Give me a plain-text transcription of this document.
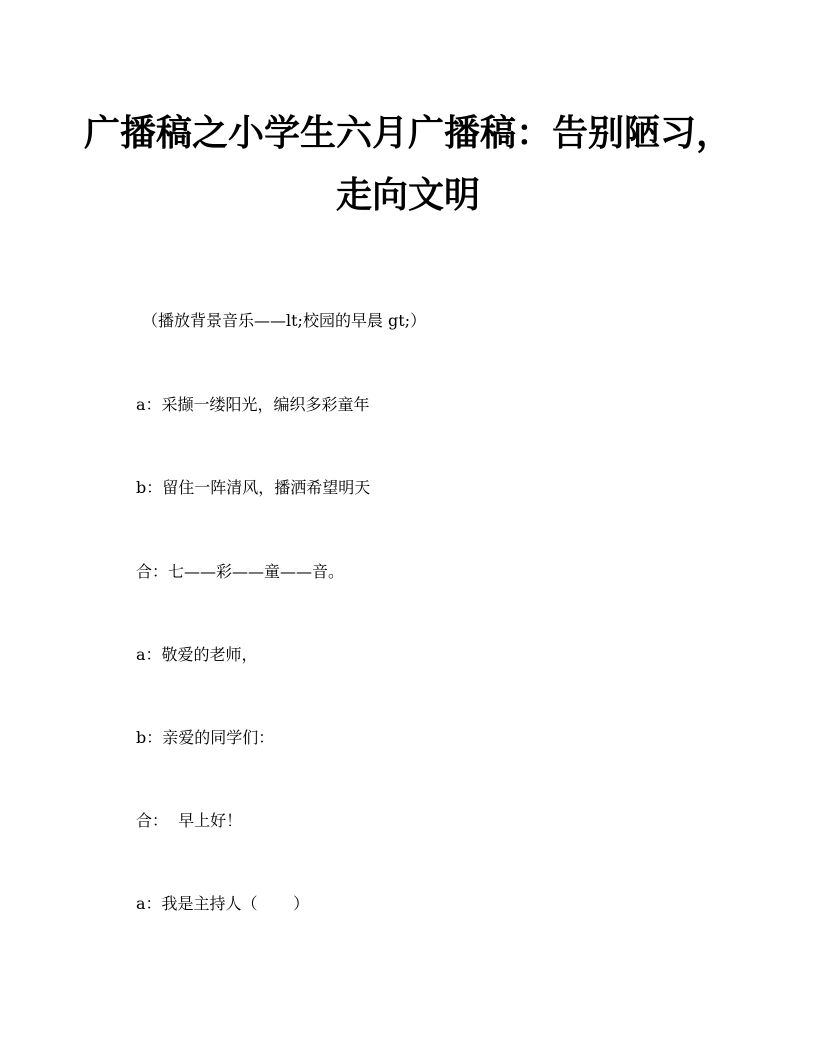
广播稿之小学生六月广播稿：告别陋习，
走向文明
（播放背景音乐——lt;校园的早晨 gt;）
a：采撷一缕阳光，编织多彩童年
b：留住一阵清风，播洒希望明天
合：七——彩——童——音。
a：敬爱的老师，
b：亲爱的同学们：
合：  早上好！
a：我是主持人（       ）
